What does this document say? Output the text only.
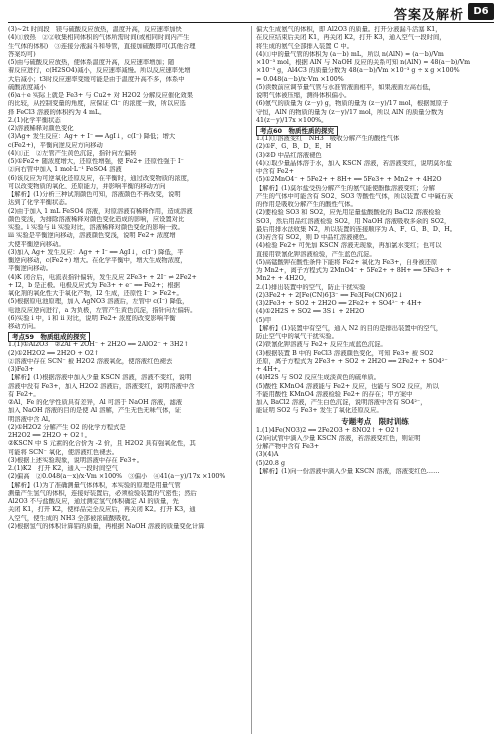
答案及解析 D6
(3)~2t 时间段　镁与硫酸反应放热，温度升高，反应速率加快
(4)①放热　②②收集相同体积的气体所需时间(或相同时间内产生
生气体的体积)　③连接分液漏斗和导管，直接加硫酸即可(其他合理
答案均可)
(5)由与硫酸反应放热，使体系温度升高，反应速率增加；随
着反应进行，c(H2SO4)减小，反应速率减慢。所以反应速率先增
大后减小；t3时反应速率变缓可能是由于温度升高不多，体系中
硫酸浓度减小
(6)a＋e 实际上就是 Fe3+ 与 Cu2+ 对 H2O2 分解反应催化效果
的比较，从控制变量的角度，应保证 Cl⁻ 的浓度一致，所以应选
择 FeCl3 溶液的体积约为 4 mL。
2.(1)化学平衡状态
(2)溶液稀释对颜色变化
(3)Ag+ 发生反应：Ag+ + I⁻ ══ AgI↓，c(I⁻) 降低；增大
c(Fe2+)，平衡向逆反应方向移动
(4)①正　②左管产生黄色沉淀，指针向左偏转
(5)①Fe2+ 随浓度增大，还原性增强，使 Fe2+ 还原性强于 I⁻
②向右管中加入 1 mol·L⁻¹ FeSO4 溶液
(6)该反应为可逆氧化还原反应，在平衡时，通过改变物质的浓度，
可以改变物质的氧化、还原能力，并影响平衡的移动方向
【解析】(1)分析三种试剂颜色可知，溶液颜色不再改变，说明
达到了化学平衡状态。
(2)由于加入 1 mL FeSO4 溶液，对原溶液有稀释作用，造成溶液
颜色变浅，为排除溶液稀释对颜色变化造成的影响，应设置对比
实验。i 实验与 ii 实验对比，溶液稀释对颜色变化的影响一致。
iii 实验是平衡逆向移动，溶液颜色变浅，说明 Fe2+ 浓度增
大使平衡逆向移动。
(3)加入 Ag+ 发生反应：Ag+ + I⁻ ══ AgI↓，c(I⁻) 降低，平
衡逆向移动，c(Fe2+) 增大。在化学平衡中，增大生成物浓度，
平衡逆向移动。
(4)K 闭合后，电流表指针偏转，发生反应 2Fe3+ + 2I⁻ ⇌ 2Fe2+
+ I2，b 是正极。电极反应式为 Fe3+ + e⁻ ══ Fe2+；根据
氧化剂的氧化性大于氧化产物，I2 生成，还原性 I⁻ > Fe2+。
(5)根据原电池原理，加入 AgNO3 溶液后，左管中 c(I⁻) 降低，
电池反应逆向进行，a 为负极，左管产生黄色沉淀，指针向左偏转。
(6)实验 i 中，i 和 ii 对比，说明 Fe2+ 浓度的改变影响平衡
移动方向。
考点59　物质组成的探究
1.(1)①Al2O3　②2Al + 2OH⁻ + 2H2O ══ 2AlO2⁻ + 3H2↑
(2)①2H2O2 ══ 2H2O + O2↑
②溶液中存在 SCN⁻ 被 H2O2 溶液氧化，使溶液红色褪去
(3)Fe3+
【解析】(1)根据溶液中加入少量 KSCN 溶液，溶液不变红，说明
溶液中没有 Fe3+，加入 H2O2 溶液后，溶液变红，说明溶液中含
有 Fe2+。
②Al、Fe 的化学性质具有差异，Al 可溶于 NaOH 溶液，滤液
加入 NaOH 溶液的目的是使 Al 溶解，产生无色无味气体，证
明溶液中含 Al。
(2)①H2O2 分解产生 O2 的化学方程式是
2H2O2 ══ 2H2O + O2↑。
②KSCN 中 S 元素的化合价为 -2 价，且 H2O2 具有强氧化性，其
可能将 SCN⁻ 氧化，使溶液红色褪去。
(3)根据上述实验现象，说明溶液中存在 Fe3+。
2.(1)K2　打开 K2，通入一段时间空气
(2)偏高　②0.048(a－x)/x·Vm ×100%　③偏小　④41(a－y)/17x ×100%
【解析】(1)为了准确测量气体体积，本实验的原理是用量气管
测量产生氢气的体积，连接好装置后，必须检验装置的气密性；然后
Al2O3 不与盐酸反应，通过测定氢气体积确定 Al 的质量，先
关闭 K1，打开 K2，使样品完全反应后，再关闭 K2。打开 K3，通
入空气，使生成的 NH3 全部被浓硫酸吸收。
(2)根据氢气的体积计算铝的质量，再根据 NaOH 溶液的质量变化计算
偏大生成氨气的体积，即 Al2O3 的质量。打开分液漏斗活塞 K1，
在反应结束后关闭 K1，再关闭 K2，打开 K3，通入空气一段时间，
将生成的氨气全部排入装置 C 中。
(4)①中的量气管的体积为 (a－b) mL，所以 n(AlN) = (a－b)/Vm
×10⁻³ mol，根据 AlN 与 NaOH 反应的关系可知 n(AlN) = 48(a－b)/Vm
×10⁻³ g，Al4C3 的质量分数为 48(a－b)/Vm ×10⁻³ g ÷ x g ×100%
= 0.048(a－b)/x·Vm ×100%
(5)读数前应调节量气管与水准管液面相平，如果液面左高右低，
说明气体被压缩，测得体积偏小。
(6)氨气的质量为 (z－y) g，物质的量为 (z－y)/17 mol，根据氮原子
守恒，AlN 的物质的量为 (z－y)/17 mol，所以 AlN 的质量分数为
41(z－y)/17x ×100%。
考点60　物质性质的探究
1.(1)①溶液变红　NH3　吸收分解产生的酸性气体
(2)①F、G、B、D、E、H
(3)②D 中品红溶液褪色
(4)②取少量晶体溶于水，加入 KSCN 溶液，若溶液变红，说明莫尔盐
中含有 Fe2+
(5)①2MnO4⁻ + 5Fe2+ + 8H+ ══ 5Fe3+ + Mn2+ + 4H2O
【解析】(1)莫尔盐受热分解产生的氨气能使酚酞溶液变红；分解
产生的气体中可能含有 SO2、SO3 等酸性气体，所以装置 C 中碱石灰
的作用是吸收分解产生的酸性气体。
(2)要检验 SO3 和 SO2，应先用足量盐酸酸化的 BaCl2 溶液检验
SO3，然后用品红溶液检验 SO2，用 NaOH 溶液吸收多余的 SO2，
最后用排水法收集 N2，所以装置的连接顺序为 A、F、G、B、D、H。
(3)若含有 SO2，则 D 中品红溶液褪色。
(4)检验 Fe2+ 可先加 KSCN 溶液无现象，再加氯水变红；也可以
直接用铁氰化钾溶液检验，产生蓝色沉淀。
(5)高锰酸钾在酸性条件下能将 Fe2+ 氧化为 Fe3+，自身被还原
为 Mn2+，离子方程式为 2MnO4⁻ + 5Fe2+ + 8H+ ══ 5Fe3+ +
Mn2+ + 4H2O。
2.(1)排出装置中的空气，防止干扰实验
(2)3Fe2+ + 2[Fe(CN)6]3⁻ ══ Fe3[Fe(CN)6]2↓
(3)2Fe3+ + SO2 + 2H2O ══ 2Fe2+ + SO4²⁻ + 4H+
(4)①2H2S + SO2 ══ 3S↓ + 2H2O
(5)甲
【解析】(1)装置中有空气，通入 N2 的目的是排出装置中的空气，
防止空气中的氧气干扰实验。
(2)铁氰化钾溶液与 Fe2+ 反应生成蓝色沉淀。
(3)根据装置 B 中的 FeCl3 溶液颜色变化，可知 Fe3+ 被 SO2
还原，离子方程式为 2Fe3+ + SO2 + 2H2O ══ 2Fe2+ + SO4²⁻
+ 4H+。
(4)H2S 与 SO2 反应生成淡黄色的硫单质。
(5)酸性 KMnO4 溶液能与 Fe2+ 反应，也能与 SO2 反应，所以
不能用酸性 KMnO4 溶液检验 Fe2+ 的存在；甲方案中
加入 BaCl2 溶液，产生白色沉淀，说明溶液中含有 SO4²⁻，
能证明 SO2 与 Fe3+ 发生了氧化还原反应。
专题考点　限时训练
1.(1)4Fe(NO3)2 ══ 2Fe2O3 + 8NO2↑ + O2↑
(2)向试管中滴入少量 KSCN 溶液，若溶液变红色，则证明
分解产物中含有 Fe3+
(3)(4)A
(5)20.8 g
【解析】(1)向一份溶液中滴入少量 KSCN 溶液，溶液变红色……
